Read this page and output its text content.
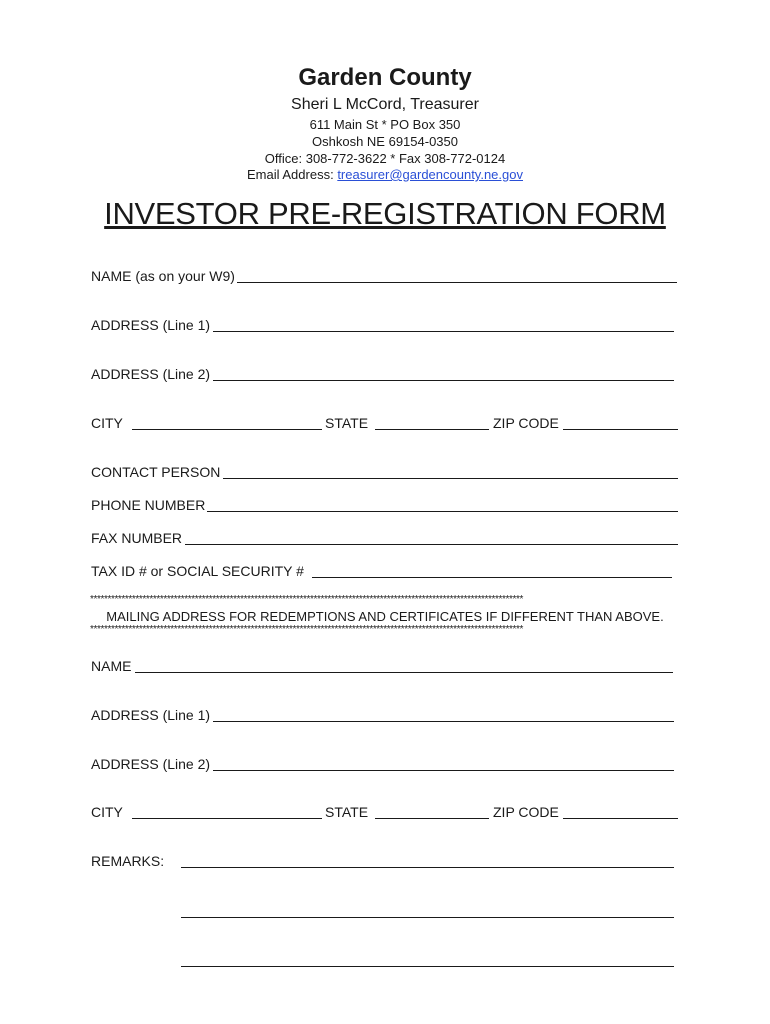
Garden County
Sheri L McCord, Treasurer
611 Main St * PO Box 350
Oshkosh NE 69154-0350
Office: 308-772-3622 * Fax 308-772-0124
Email Address: treasurer@gardencounty.ne.gov
INVESTOR PRE-REGISTRATION FORM
NAME (as on your W9)
ADDRESS (Line 1)
ADDRESS (Line 2)
CITY	STATE	ZIP CODE
CONTACT PERSON
PHONE NUMBER
FAX NUMBER
TAX ID # or SOCIAL SECURITY #
****************************************************************************************************************************
MAILING ADDRESS FOR REDEMPTIONS AND CERTIFICATES IF DIFFERENT THAN ABOVE.
****************************************************************************************************************************
NAME
ADDRESS (Line 1)
ADDRESS (Line 2)
CITY	STATE	ZIP CODE
REMARKS:
